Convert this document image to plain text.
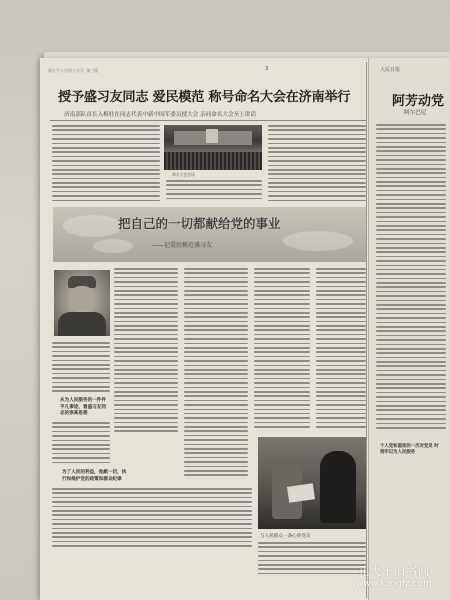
第九千八百四十五号 第三版	3
授予盛习友同志 爱民模范 称号命名大会在济南举行
济南部队首长入梅驻在同志代表中新中国军委员授大会 亲同命名大会至上讲话
命名大会会场
把自己的一切都献给党的事业
——记爱民模范盛习友
从为人民服务的一件件平凡事迹，看盛习友同志的崇高思想
为了人民的利益，他献一切，执行和维护党的政策和群众纪律
与人民群众一条心的党员
人民日报
阿芳动党
阿尔巴尼
个人党和国家的一次对党员 时刻牢记为人民服务
孔夫子旧书网
www.kongfz.com
